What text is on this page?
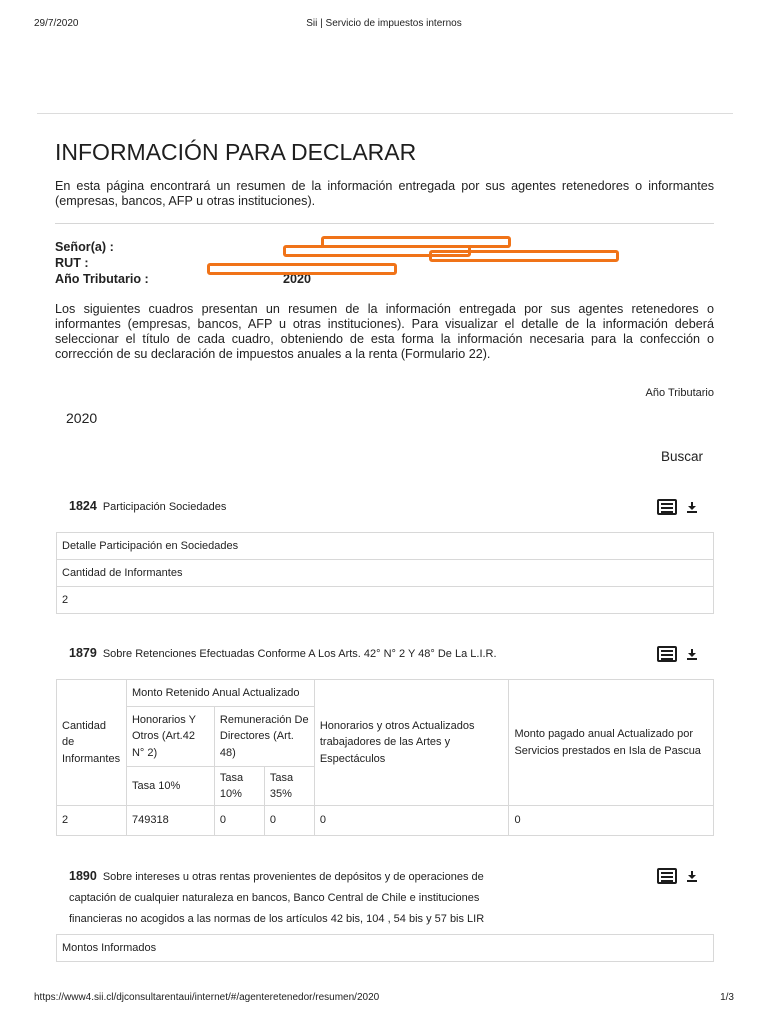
29/7/2020	Sii | Servicio de impuestos internos
INFORMACIÓN PARA DECLARAR
En esta página encontrará un resumen de la información entregada por sus agentes retenedores o informantes (empresas, bancos, AFP u otras instituciones).
Señor(a) :
RUT :
Año Tributario :	2020
Los siguientes cuadros presentan un resumen de la información entregada por sus agentes retenedores o informantes (empresas, bancos, AFP u otras instituciones). Para visualizar el detalle de la información deberá seleccionar el título de cada cuadro, obteniendo de esta forma la información necesaria para la confección o corrección de su declaración de impuestos anuales a la renta (Formulario 22).
Año Tributario
2020
Buscar
1824 Participación Sociedades
Detalle Participación en Sociedades
Cantidad de Informantes
2
1879 Sobre Retenciones Efectuadas Conforme A Los Arts. 42° N° 2 Y 48° De La L.I.R.
Cantidad de Informantes	Monto Retenido Anual Actualizado			Honorarios y otros Actualizados trabajadores de las Artes y Espectáculos	Monto pagado anual Actualizado por Servicios prestados en Isla de Pascua
	Honorarios Y Otros (Art.42 N° 2)	Remuneración De Directores (Art. 48)			
	Tasa 10%	Tasa 10%	Tasa 35%		
2	749318	0	0	0	0
1890 Sobre intereses u otras rentas provenientes de depósitos y de operaciones de captación de cualquier naturaleza en bancos, Banco Central de Chile e instituciones financieras no acogidos a las normas de los artículos 42 bis, 104 , 54 bis y 57 bis LIR
Montos Informados
https://www4.sii.cl/djconsultarentaui/internet/#/agenteretenedor/resumen/2020	1/3
